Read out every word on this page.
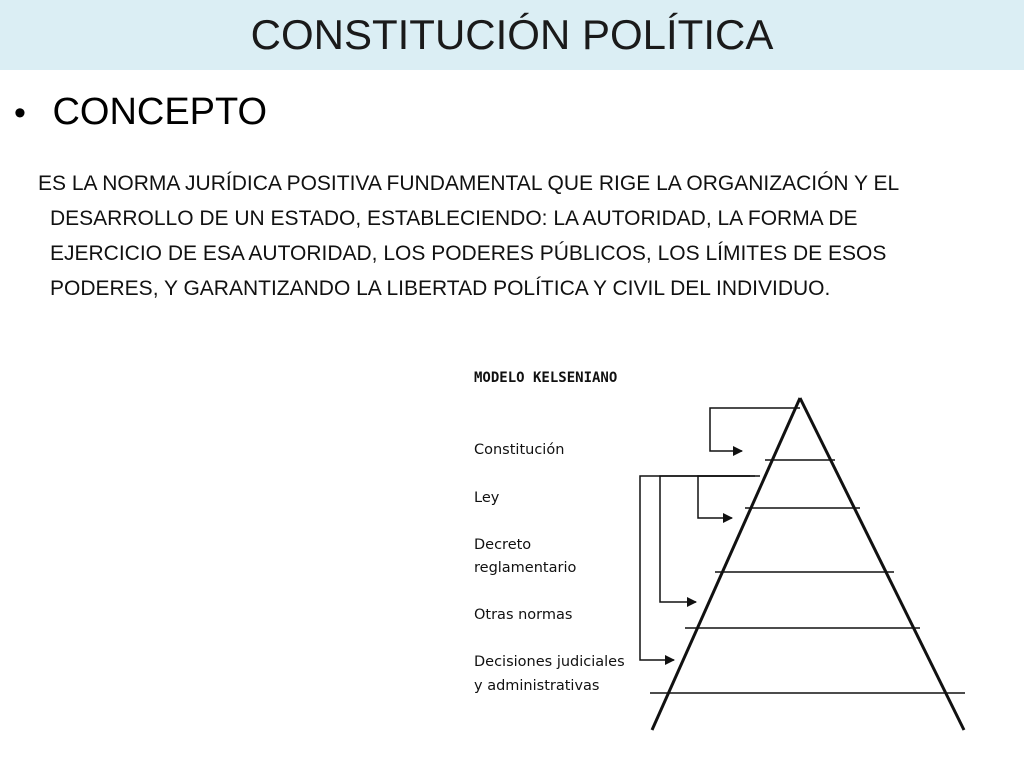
CONSTITUCIÓN POLÍTICA
• CONCEPTO
ES LA NORMA JURÍDICA POSITIVA FUNDAMENTAL QUE RIGE LA ORGANIZACIÓN Y EL
DESARROLLO DE UN ESTADO, ESTABLECIENDO: LA AUTORIDAD, LA FORMA DE
EJERCICIO DE ESA AUTORIDAD, LOS PODERES PÚBLICOS, LOS LÍMITES DE ESOS
PODERES, Y GARANTIZANDO LA LIBERTAD POLÍTICA Y CIVIL DEL INDIVIDUO.
MODELO KELSENIANO
Constitución
Ley
Decreto
reglamentario
Otras normas
Decisiones judiciales
y administrativas
